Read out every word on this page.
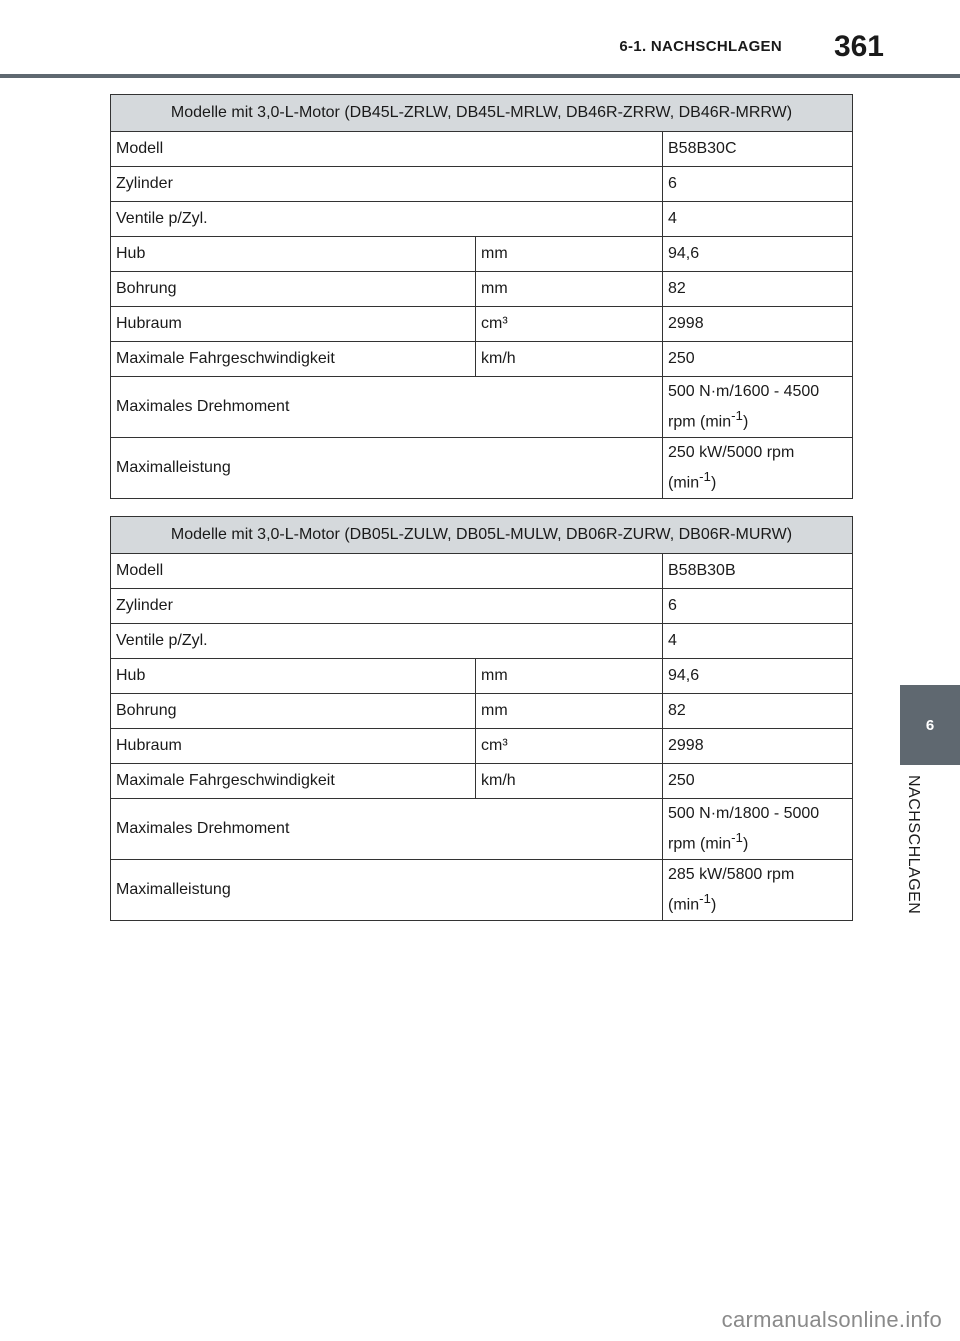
6-1. NACHSCHLAGEN 361
Modelle mit 3,0-L-Motor (DB45L-ZRLW, DB45L-MRLW, DB46R-ZRRW, DB46R-MRRW)		
Modell		B58B30C
Zylinder		6
Ventile p/Zyl.		4
Hub	mm	94,6
Bohrung	mm	82
Hubraum	cm³	2998
Maximale Fahrgeschwindigkeit	km/h	250
Maximales Drehmoment		500 N·m/1600 - 4500
rpm $(\min^{-1})$
Maximalleistung		250 kW/5000 rpm
$(\min^{-1})$
Modelle mit 3,0-L-Motor (DB05L-ZULW, DB05L-MULW, DB06R-ZURW, DB06R-MURW)		
Modell		B58B30B
Zylinder		6
Ventile p/Zyl.		4
Hub	mm	94,6
Bohrung	mm	82
Hubraum	cm³	2998
Maximale Fahrgeschwindigkeit	km/h	250
Maximales Drehmoment		500 N·m/1800 - 5000
rpm $(\min^{-1})$
Maximalleistung		285 kW/5800 rpm
$(\min^{-1})$
6
NACHSCHLAGEN
carmanualsonline.info
